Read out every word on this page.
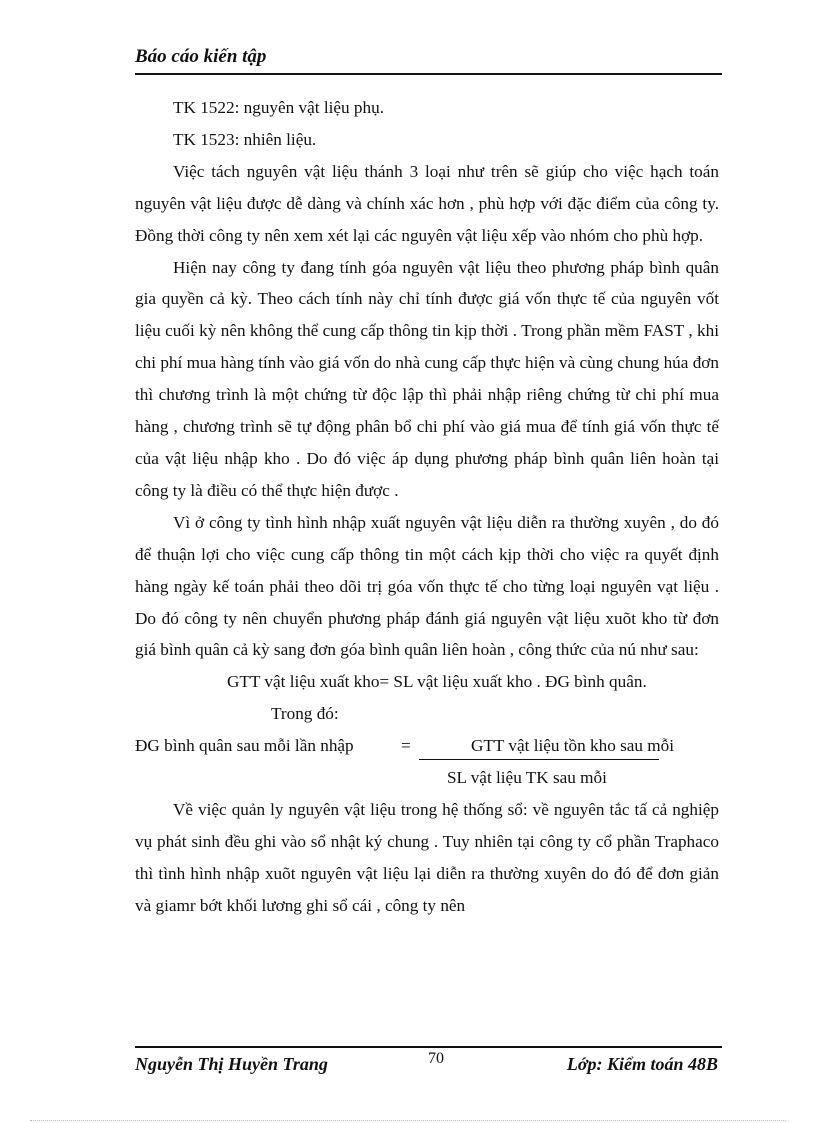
Báo cáo kiến tập

TK 1522: nguyên vật liệu phụ.

TK 1523: nhiên liệu.

Việc tách nguyên vật liệu thánh 3 loại như trên sẽ giúp cho việc hạch toán nguyên vật liệu được dễ dàng và chính xác hơn , phù hợp với đặc điểm của công ty. Đồng thời công ty nên xem xét lại các nguyên vật liệu xếp vào nhóm cho phù hợp.

Hiện nay công ty đang tính góa nguyên vật liệu theo phương pháp bình quân gia quyền cả kỳ. Theo cách tính này chỉ tính được giá vốn thực tế của nguyên vốt liệu cuối kỳ nên không thể cung cấp thông tin kịp thời . Trong phần mềm FAST , khi chi phí mua hàng tính vào giá vốn do nhà cung cấp thực hiện và cùng chung húa đơn thì chương trình là một chứng từ độc lập thì phải nhập riêng chứng từ chi phí mua hàng , chương trình sẽ tự động phân bổ chi phí vào giá mua để tính giá vốn thực tế của vật liệu nhập kho . Do đó việc áp dụng phương pháp bình quân liên hoàn tại công ty là điều có thể thực hiện được .

Vì ở công ty tình hình nhập xuất nguyên vật liệu diễn ra thường xuyên , do đó để thuận lợi cho việc cung cấp thông tin một cách kịp thời cho việc ra quyết định hàng ngày kế toán phải theo dõi trị góa vốn thực tế cho từng loại nguyên vạt liệu . Do đó công ty nên chuyển phương pháp đánh giá nguyên vật liệu xuõt kho từ đơn giá bình quân cả kỳ sang đơn góa bình quân liên hoàn , công thức của nú như sau:

GTT vật liệu xuất kho= SL vật liệu xuất kho . ĐG bình quân.
Trong đó:
ĐG bình quân sau mỗi lần nhập	=	GTT vật liệu tồn kho sau mỗi
SL vật liệu TK sau mỗi

Về việc quản ly nguyên vật liệu trong hệ thống sổ: về nguyên tắc tấ cả nghiệp vụ phát sinh đều ghi vào sổ nhật ký chung . Tuy nhiên tại công ty cổ phần Traphaco thì tình hình nhập xuõt nguyên vật liệu lại diễn ra thường xuyên do đó để đơn giản và giamr bớt khối lương ghi sổ cái , công ty nên

Nguyễn Thị Huyền Trang	70	Lớp: Kiểm toán 48B
